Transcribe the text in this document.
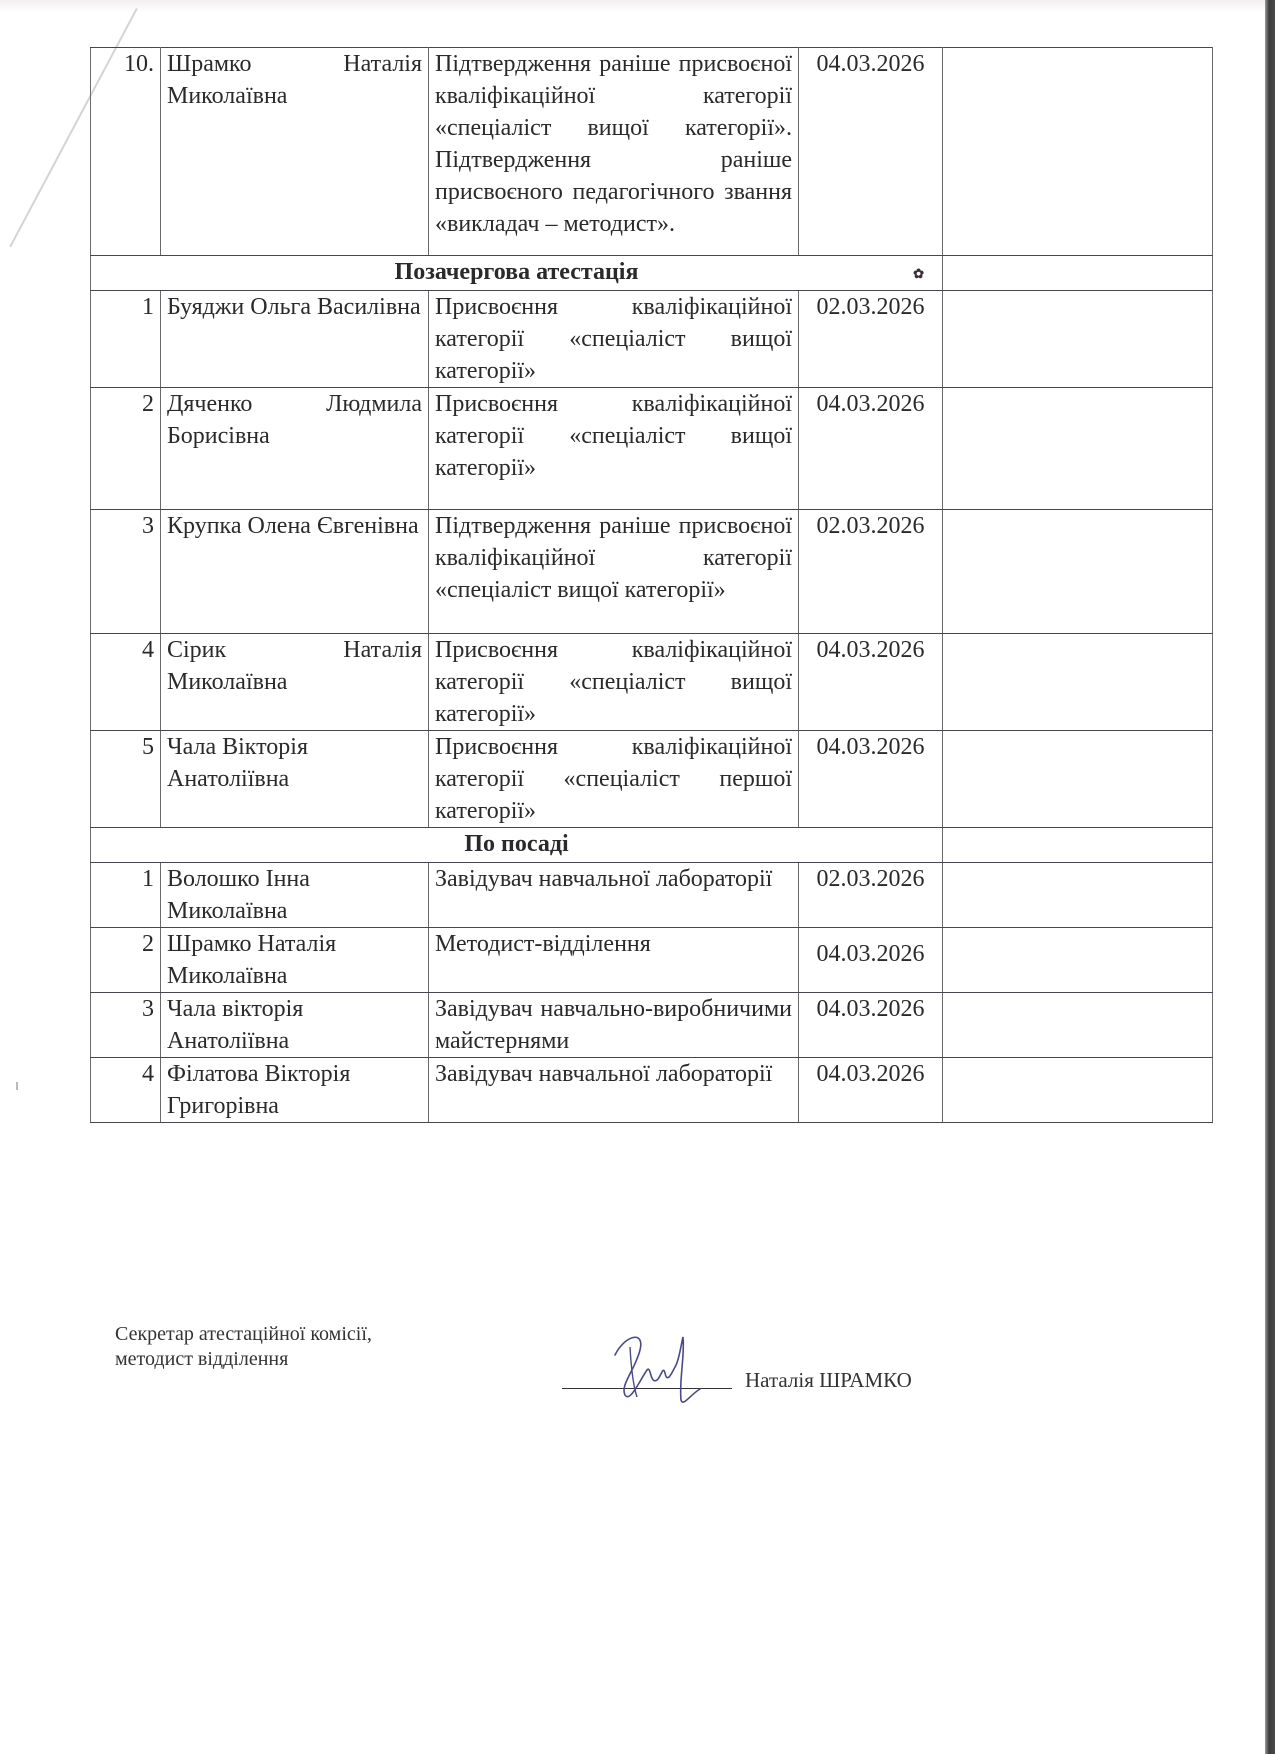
10.	Шрамко Наталія Миколаївна	Підтвердження раніше присвоєної кваліфікаційної категорії «спеціаліст вищої категорії». Підтвердження раніше присвоєного педагогічного звання «викладач – методист».	04.03.2026	
Позачергова атестація ✿				

1	Буяджи Ольга Василівна	Присвоєння кваліфікаційної категорії «спеціаліст вищої категорії»	02.03.2026	
2	Дяченко Людмила Борисівна	Присвоєння кваліфікаційної категорії «спеціаліст вищої категорії»	04.03.2026	
3	Крупка Олена Євгенівна	Підтвердження раніше присвоєної кваліфікаційної категорії «спеціаліст вищої категорії»	02.03.2026	
4	Сірик Наталія Миколаївна	Присвоєння кваліфікаційної категорії «спеціаліст вищої категорії»	04.03.2026	
5	Чала Вікторія Анатоліївна	Присвоєння кваліфікаційної категорії «спеціаліст першої категорії»	04.03.2026	
По посаді				
1	Волошко Інна Миколаївна	Завідувач навчальної лабораторії	02.03.2026	
2	Шрамко Наталія Миколаївна	Методист-відділення	04.03.2026	
3	Чала вікторія Анатоліївна	Завідувач навчально-виробничими майстернями	04.03.2026	
4	Філатова Вікторія Григорівна	Завідувач навчальної лабораторії	04.03.2026	
Секретар атестаційної комісії,
методист відділення
Наталія ШРАМКО
